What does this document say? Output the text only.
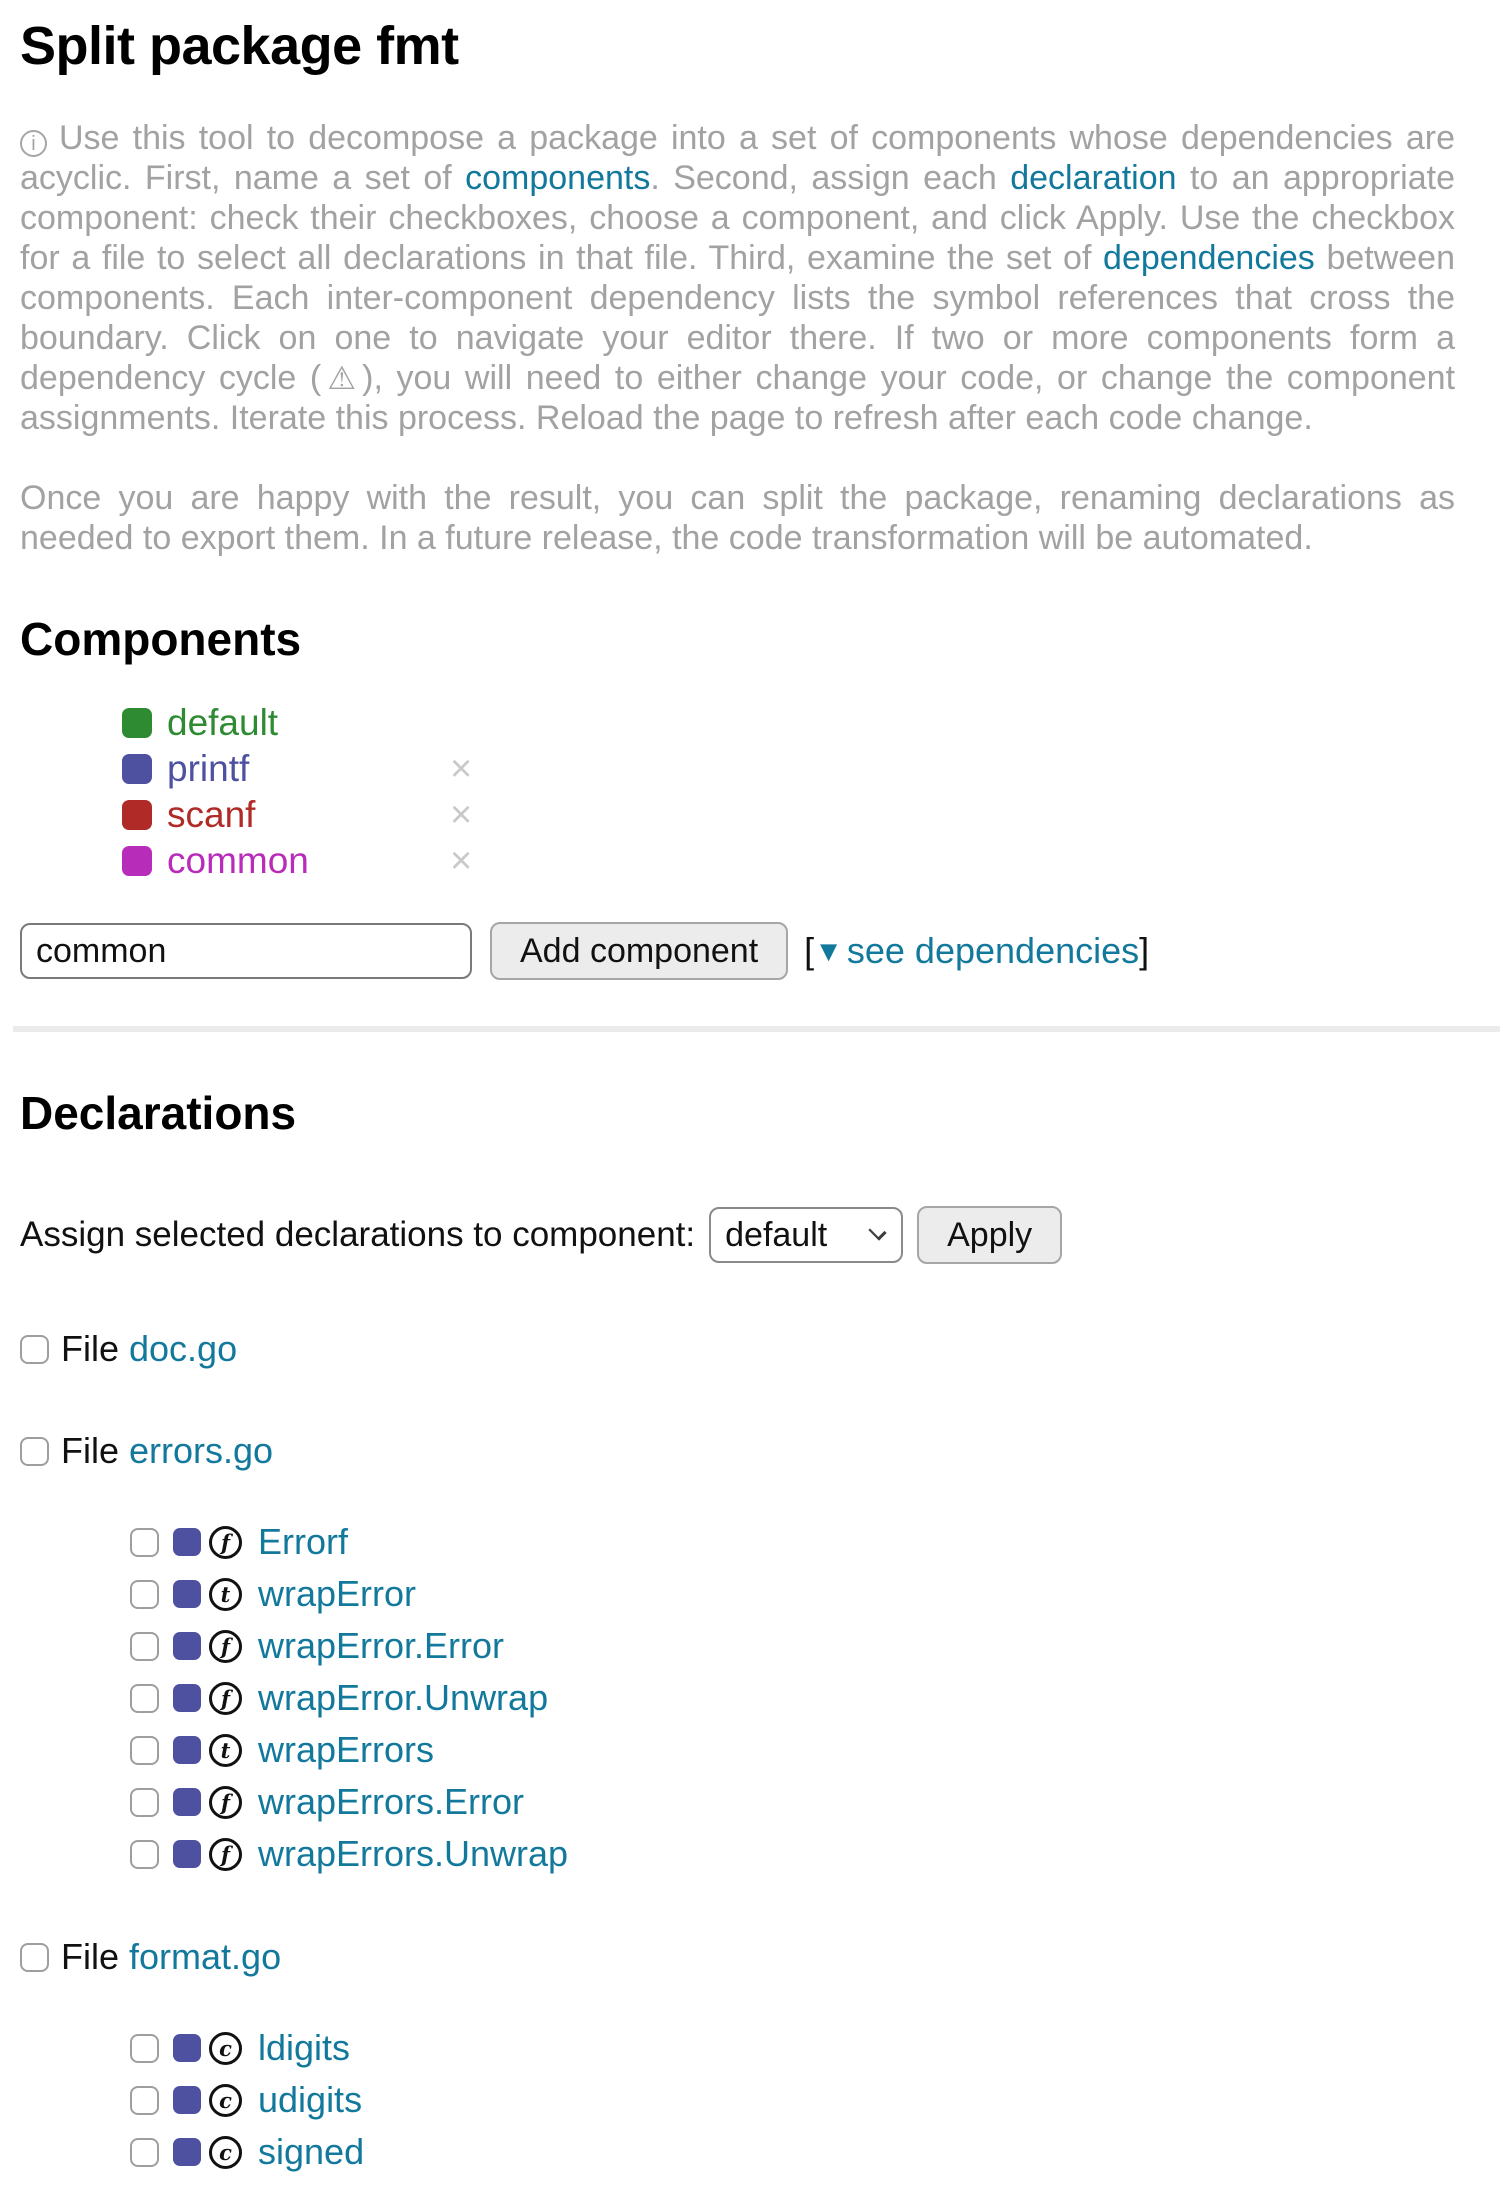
Split package fmt

i Use this tool to decompose a package into a set of components whose dependencies are acyclic. First, name a set of components. Second, assign each declaration to an appropriate component: check their checkboxes, choose a component, and click Apply. Use the checkbox for a file to select all declarations in that file. Third, examine the set of dependencies between components. Each inter-component dependency lists the symbol references that cross the boundary. Click on one to navigate your editor there. If two or more components form a dependency cycle (⚠), you will need to either change your code, or change the component assignments. Iterate this process. Reload the page to refresh after each code change.

Once you are happy with the result, you can split the package, renaming declarations as needed to export them. In a future release, the code transformation will be automated.

Components
default
printf	×
scanf	×
common	×
common
Add component	[▼ see dependencies]
Declarations
Assign selected declarations to component: default	Apply
File doc.go
File errors.go
f Errorf
t wrapError
f wrapError.Error
f wrapError.Unwrap
t wrapErrors
f wrapErrors.Error
f wrapErrors.Unwrap
File format.go
c ldigits
c udigits
c signed
